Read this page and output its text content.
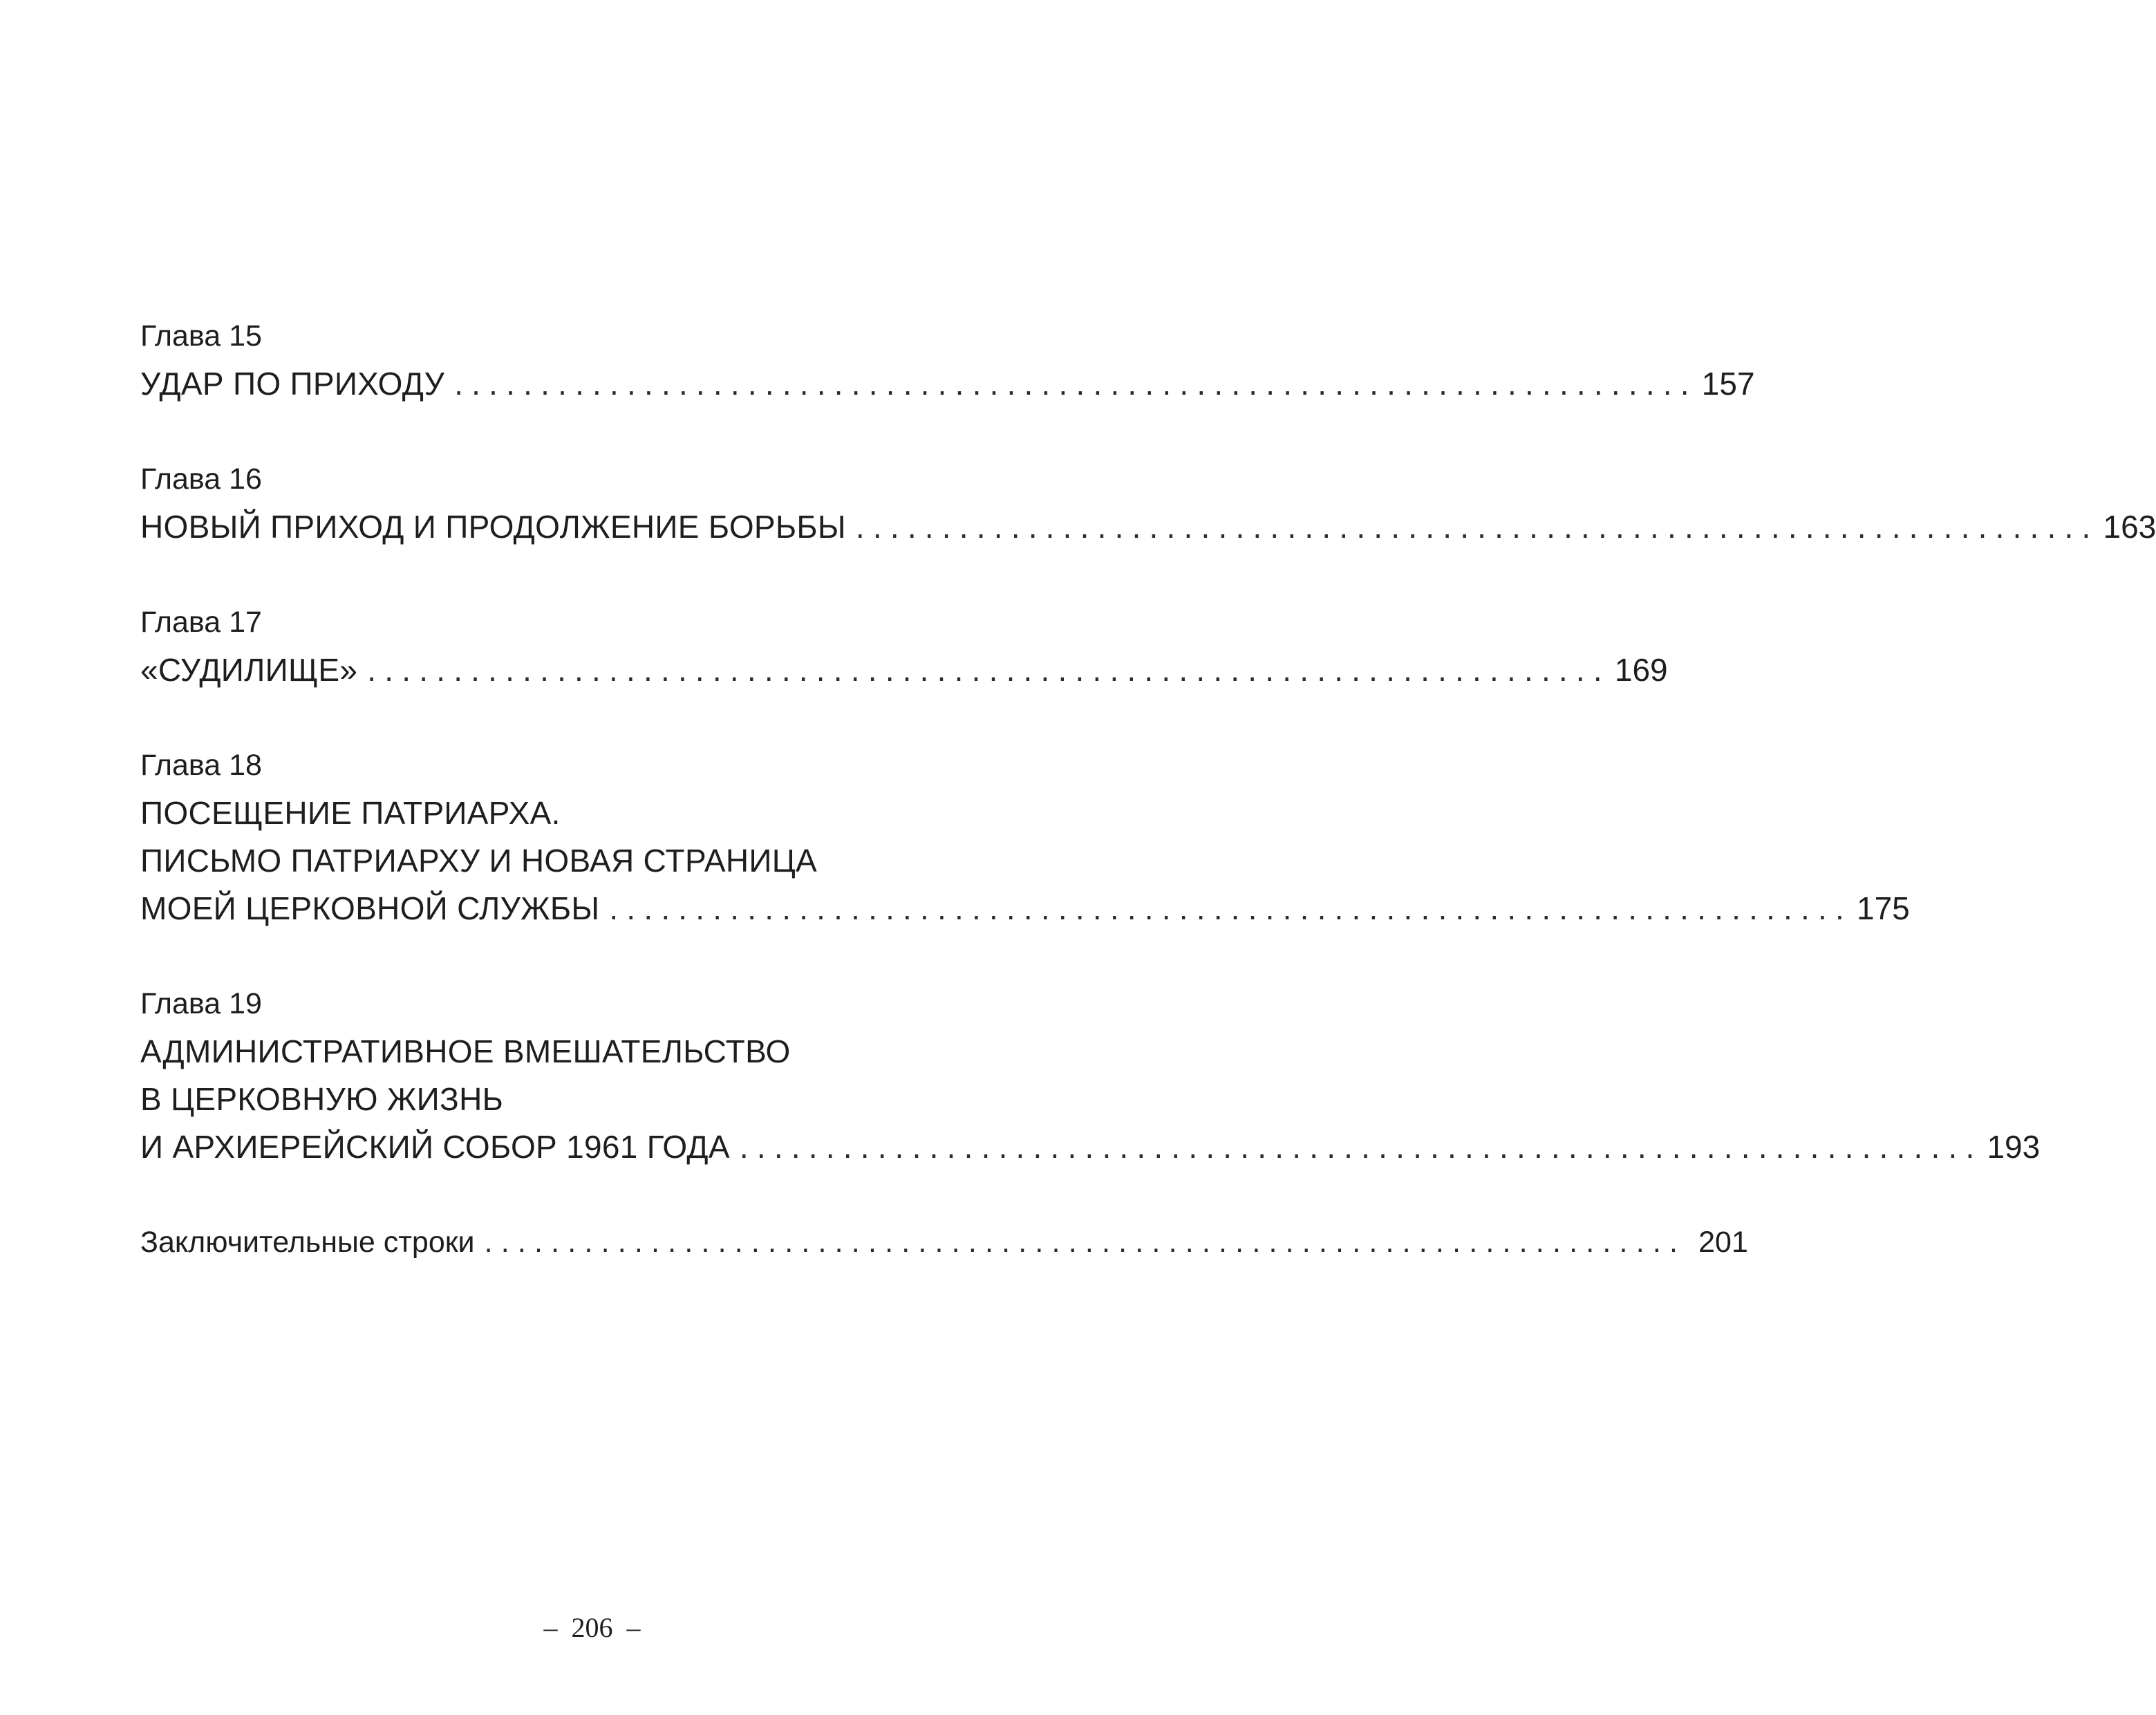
Глава 15
УДАР ПО ПРИХОДУ ........................................................................ 157
Глава 16
НОВЫЙ ПРИХОД И ПРОДОЛЖЕНИЕ БОРЬБЫ ........................................................................ 163
Глава 17
«СУДИЛИЩЕ» ........................................................................ 169
Глава 18
ПОСЕЩЕНИЕ ПАТРИАРХА.
ПИСЬМО ПАТРИАРХУ И НОВАЯ СТРАНИЦА
МОЕЙ ЦЕРКОВНОЙ СЛУЖБЫ ........................................................................ 175
Глава 19
АДМИНИСТРАТИВНОЕ ВМЕШАТЕЛЬСТВО
В ЦЕРКОВНУЮ ЖИЗНЬ
И АРХИЕРЕЙСКИЙ СОБОР 1961 ГОДА ........................................................................ 193
Заключительные строки ........................................................................ 201
– 206 –
